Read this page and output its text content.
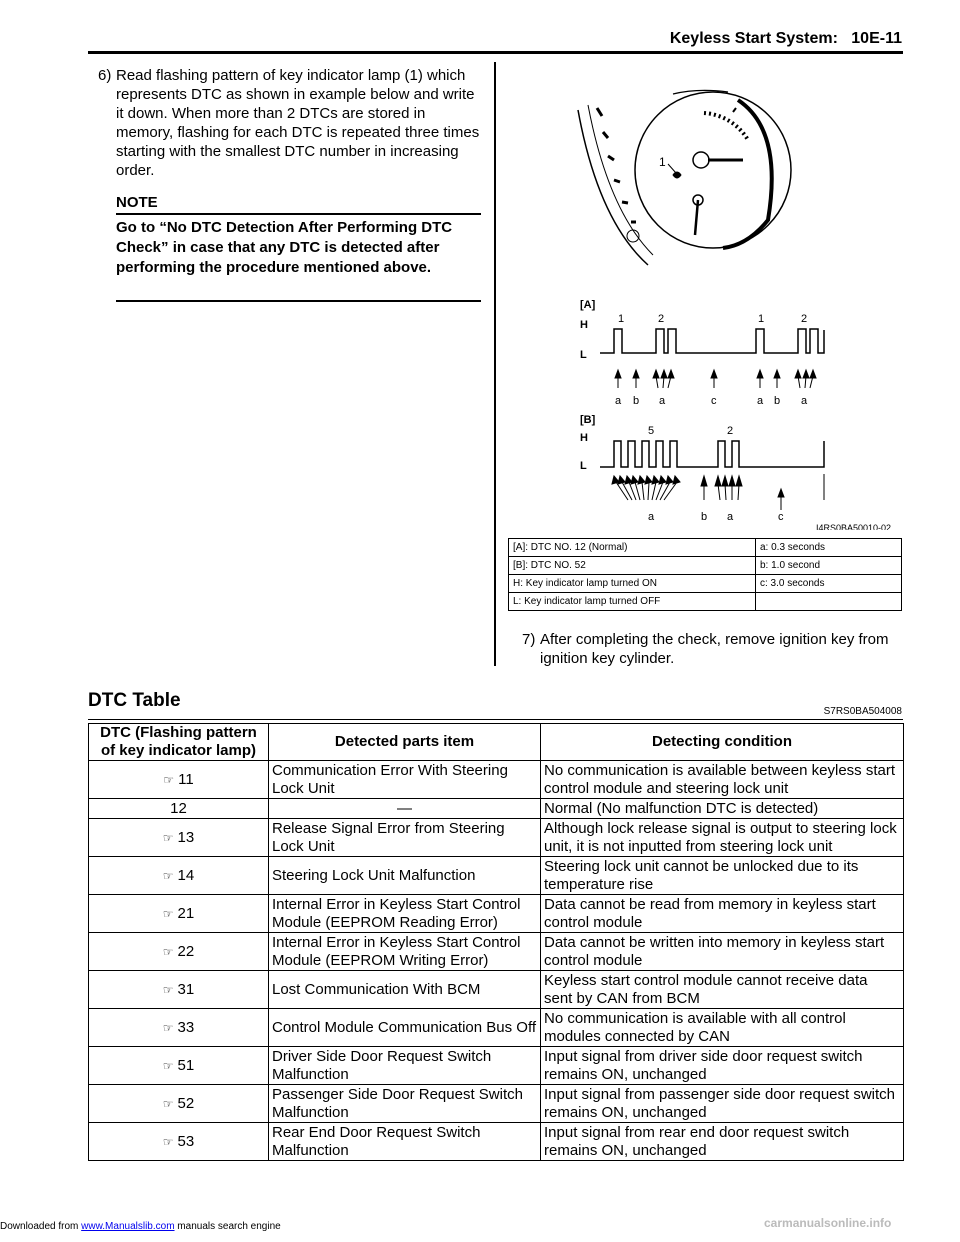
Keyless Start System: 10E-11
6) Read flashing pattern of key indicator lamp (1) which represents DTC as shown in example below and write it down. When more than 2 DTCs are stored in memory, flashing for each DTC is repeated three times starting with the smallest DTC number in increasing order.
NOTE
Go to “No DTC Detection After Performing DTC Check” in case that any DTC is detected after performing the procedure mentioned above.
1
[A]
H
L
[B]
H
L
1	2	1	2
a b a	c	a b a
5	2
a	b a	c
I4RS0BA50010-02
[A]: DTC NO. 12 (Normal)	a: 0.3 seconds
[B]: DTC NO. 52	b: 1.0 second
H: Key indicator lamp turned ON	c: 3.0 seconds
L: Key indicator lamp turned OFF	
7) After completing the check, remove ignition key from ignition key cylinder.
DTC Table
S7RS0BA504008
DTC (Flashing pattern of key indicator lamp)	Detected parts item	Detecting condition
☞ 11	Communication Error With Steering Lock Unit	No communication is available between keyless start control module and steering lock unit
12	—	Normal (No malfunction DTC is detected)
☞ 13	Release Signal Error from Steering Lock Unit	Although lock release signal is output to steering lock unit, it is not inputted from steering lock unit
☞ 14	Steering Lock Unit Malfunction	Steering lock unit cannot be unlocked due to its temperature rise
☞ 21	Internal Error in Keyless Start Control Module (EEPROM Reading Error)	Data cannot be read from memory in keyless start control module
☞ 22	Internal Error in Keyless Start Control Module (EEPROM Writing Error)	Data cannot be written into memory in keyless start control module
☞ 31	Lost Communication With BCM	Keyless start control module cannot receive data sent by CAN from BCM
☞ 33	Control Module Communication Bus Off	No communication is available with all control modules connected by CAN
☞ 51	Driver Side Door Request Switch Malfunction	Input signal from driver side door request switch remains ON, unchanged
☞ 52	Passenger Side Door Request Switch Malfunction	Input signal from passenger side door request switch remains ON, unchanged
☞ 53	Rear End Door Request Switch Malfunction	Input signal from rear end door request switch remains ON, unchanged
Downloaded from www.Manualslib.com manuals search engine	carmanualsonline.info
